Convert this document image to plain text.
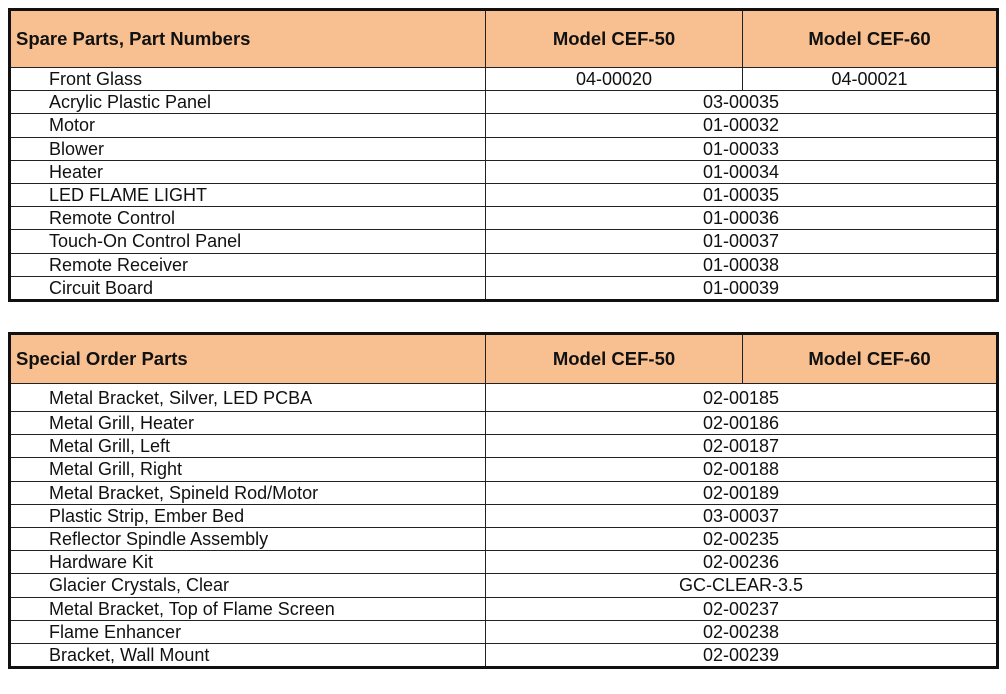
Spare Parts, Part Numbers	Model CEF-50	Model CEF-60
Front Glass	04-00020	04-00021
Acrylic Plastic Panel	03-00035	
Motor	01-00032	
Blower	01-00033	
Heater	01-00034	
LED FLAME LIGHT	01-00035	
Remote Control	01-00036	
Touch-On Control Panel	01-00037	
Remote Receiver	01-00038	
Circuit Board	01-00039	
Special Order Parts	Model CEF-50	Model CEF-60
Metal Bracket, Silver, LED PCBA	02-00185	
Metal Grill, Heater	02-00186	
Metal Grill, Left	02-00187	
Metal Grill, Right	02-00188	
Metal Bracket, Spineld Rod/Motor	02-00189	
Plastic Strip, Ember Bed	03-00037	
Reflector Spindle Assembly	02-00235	
Hardware Kit	02-00236	
Glacier Crystals, Clear	GC-CLEAR-3.5	
Metal Bracket, Top of Flame Screen	02-00237	
Flame Enhancer	02-00238	
Bracket, Wall Mount	02-00239	
